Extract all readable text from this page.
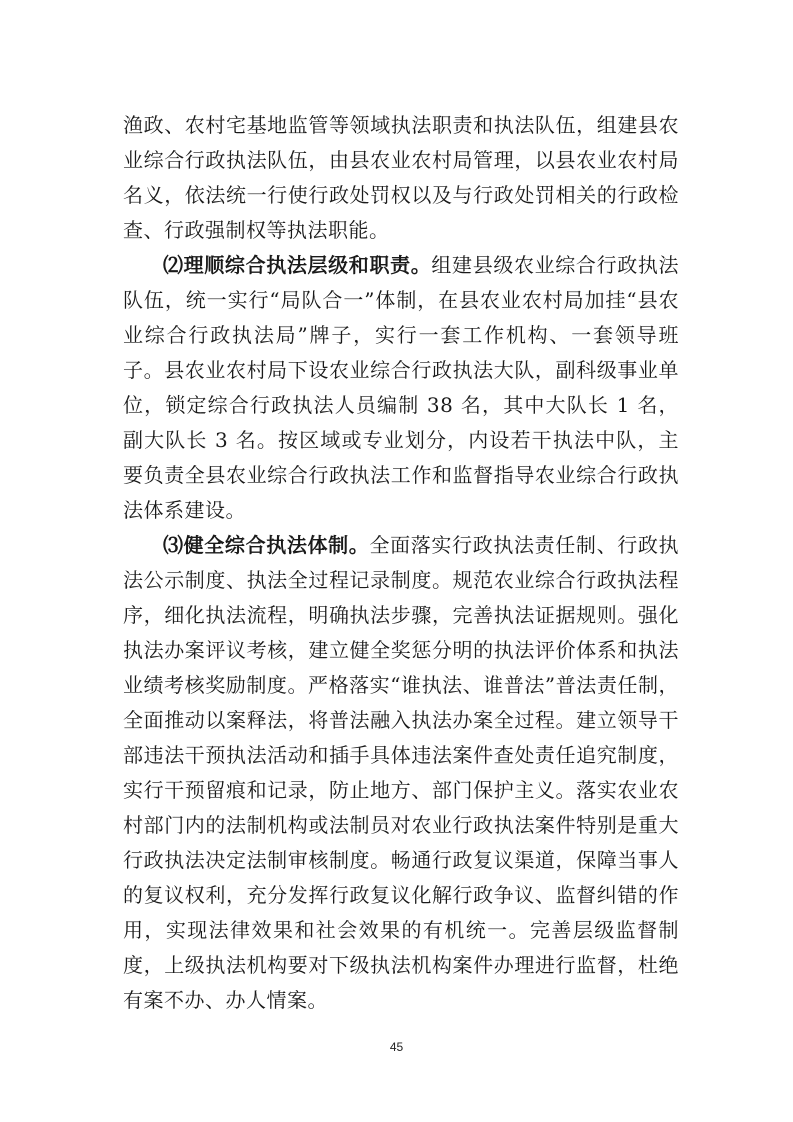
渔政、农村宅基地监管等领域执法职责和执法队伍，组建县农业综合行政执法队伍，由县农业农村局管理，以县农业农村局名义，依法统一行使行政处罚权以及与行政处罚相关的行政检查、行政强制权等执法职能。

⑵理顺综合执法层级和职责。组建县级农业综合行政执法队伍，统一实行“局队合一”体制，在县农业农村局加挂“县农业综合行政执法局”牌子，实行一套工作机构、一套领导班子。县农业农村局下设农业综合行政执法大队，副科级事业单位，锁定综合行政执法人员编制 38 名，其中大队长 1 名，副大队长 3 名。按区域或专业划分，内设若干执法中队，主要负责全县农业综合行政执法工作和监督指导农业综合行政执法体系建设。

⑶健全综合执法体制。全面落实行政执法责任制、行政执法公示制度、执法全过程记录制度。规范农业综合行政执法程序，细化执法流程，明确执法步骤，完善执法证据规则。强化执法办案评议考核，建立健全奖惩分明的执法评价体系和执法业绩考核奖励制度。严格落实“谁执法、谁普法”普法责任制，全面推动以案释法，将普法融入执法办案全过程。建立领导干部违法干预执法活动和插手具体违法案件查处责任追究制度，实行干预留痕和记录，防止地方、部门保护主义。落实农业农村部门内的法制机构或法制员对农业行政执法案件特别是重大行政执法决定法制审核制度。畅通行政复议渠道，保障当事人的复议权利，充分发挥行政复议化解行政争议、监督纠错的作用，实现法律效果和社会效果的有机统一。完善层级监督制度，上级执法机构要对下级执法机构案件办理进行监督，杜绝有案不办、办人情案。

45
